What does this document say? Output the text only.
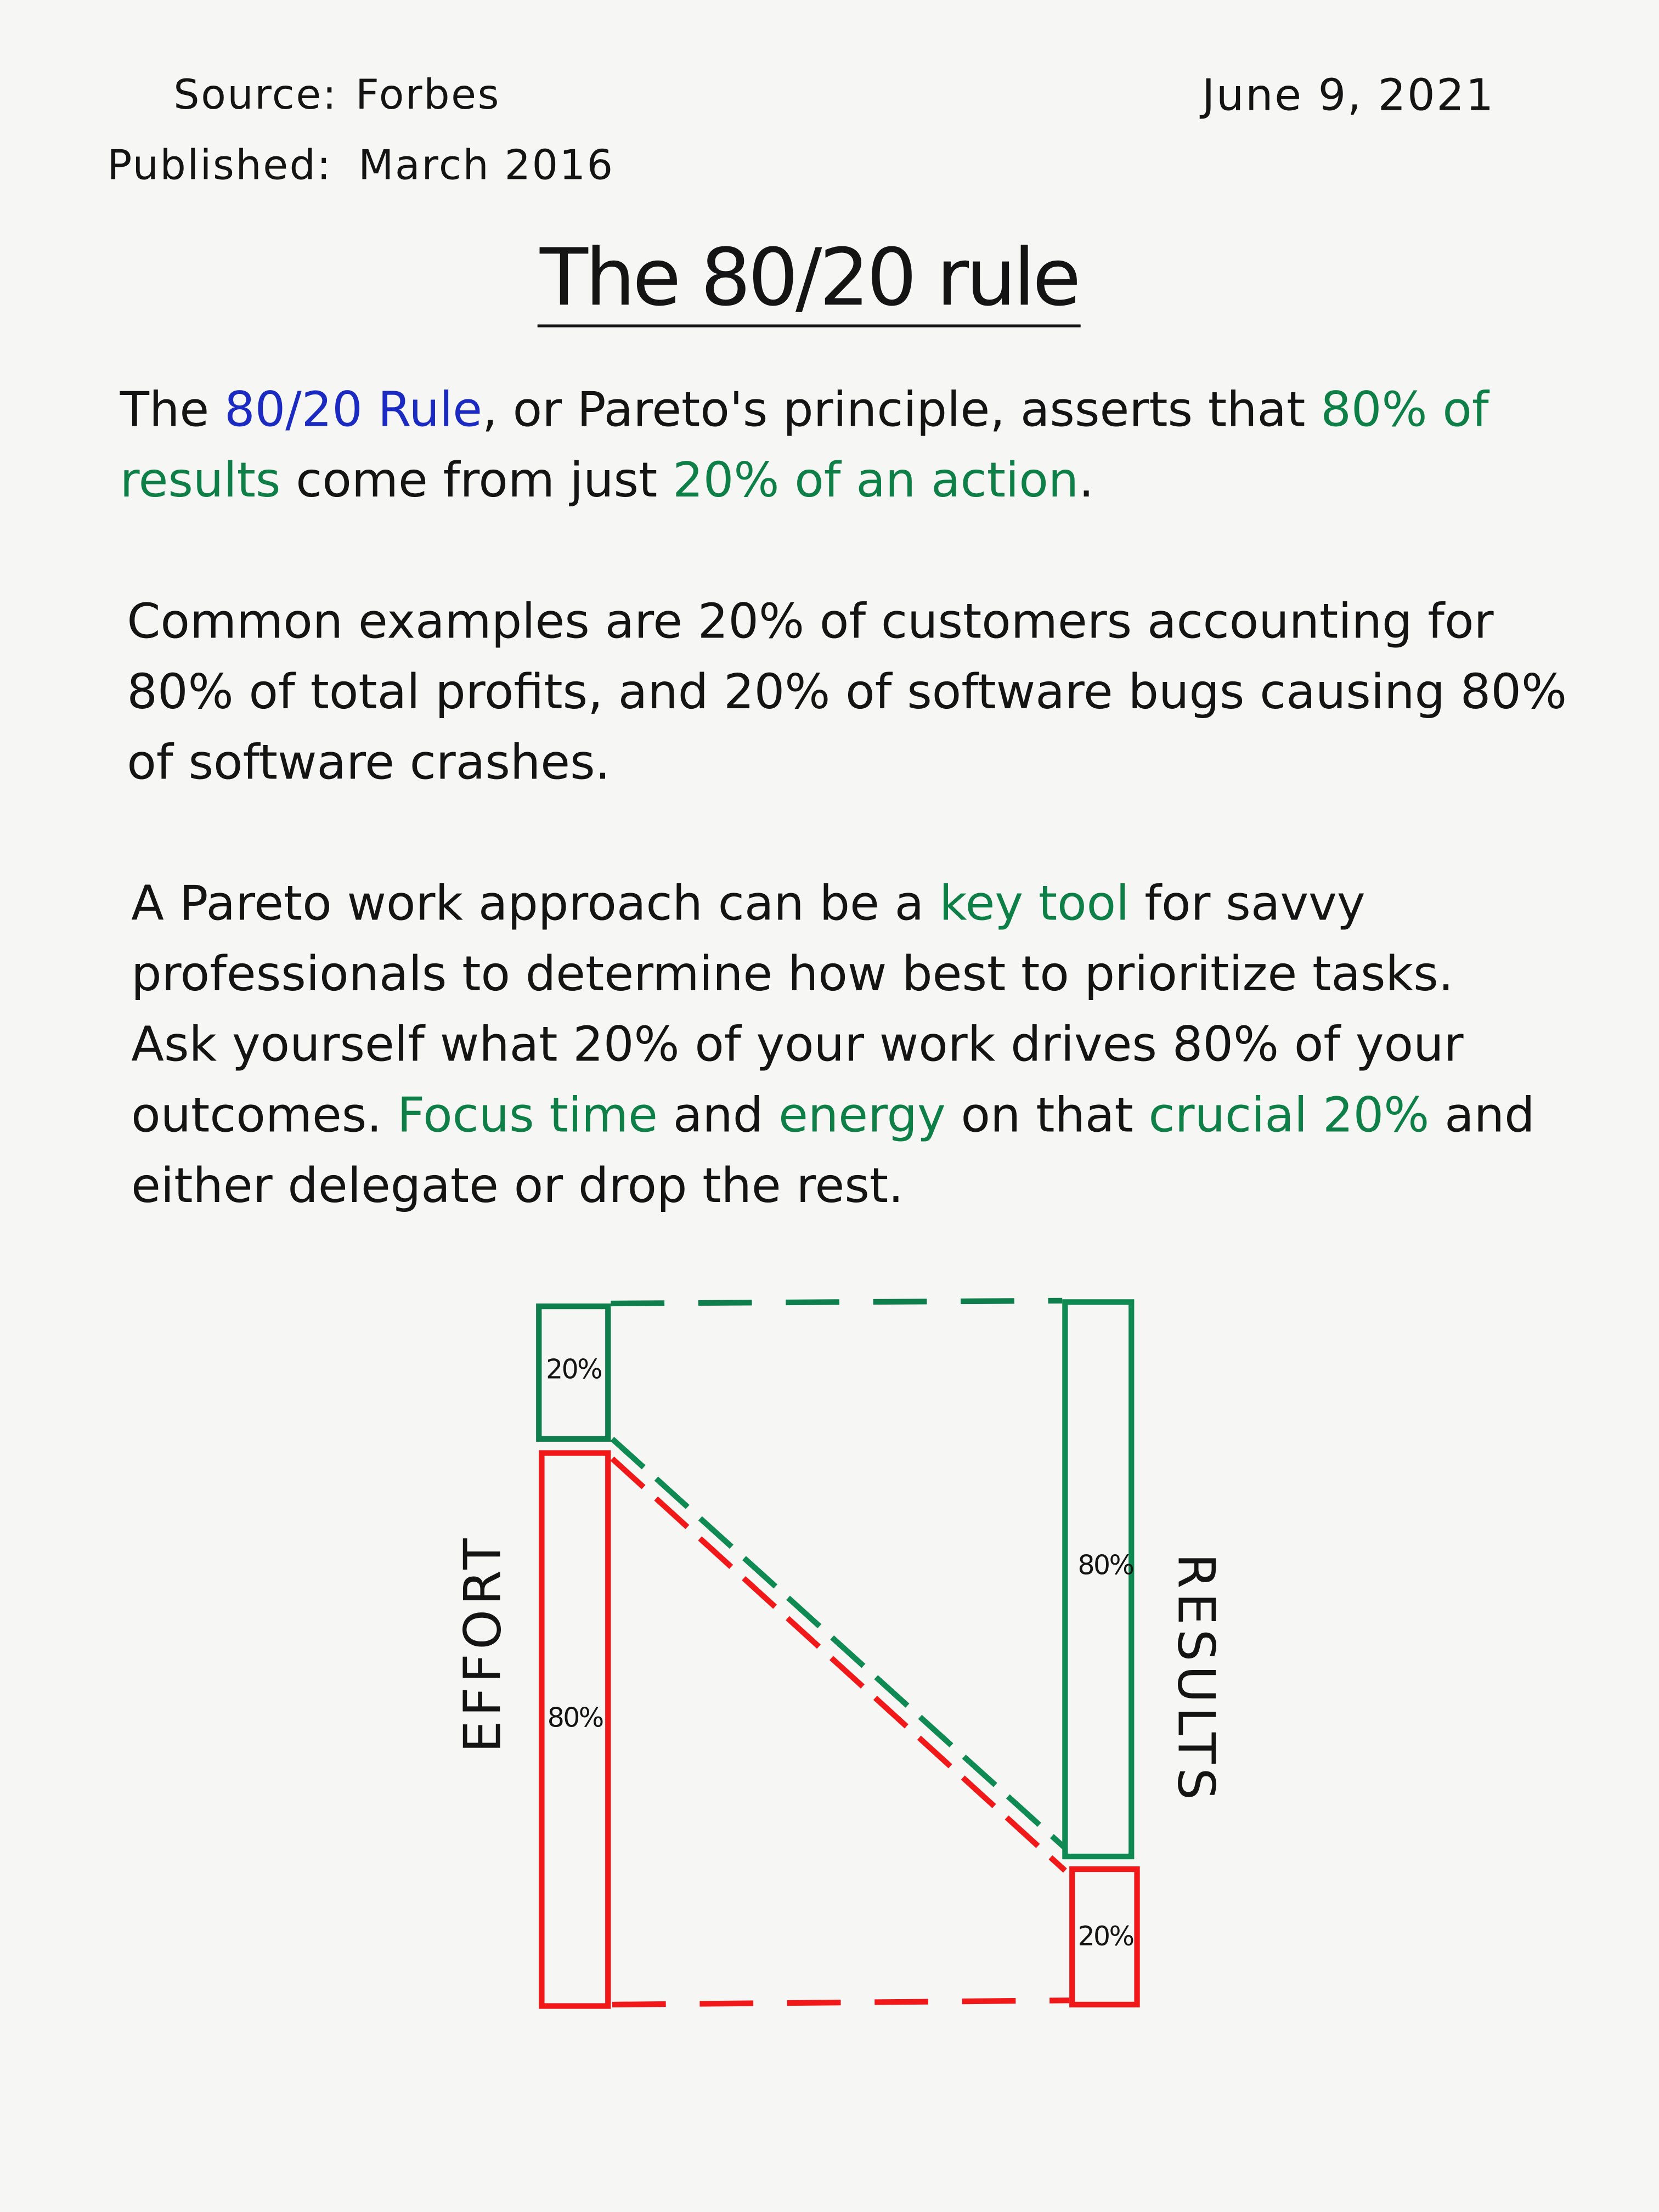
Source: Forbes
Published: March 2016
June 9, 2021
The 80/20 rule
The 80/20 Rule, or Pareto's principle, asserts that 80% of
results come from just 20% of an action.
Common examples are 20% of customers accounting for
80% of total profits, and 20% of software bugs causing 80%
of software crashes.
A Pareto work approach can be a key tool for savvy
professionals to determine how best to prioritize tasks.
Ask yourself what 20% of your work drives 80% of your
outcomes. Focus time and energy on that crucial 20% and
either delegate or drop the rest.
20%
80%
80%
20%
EFFORT	RESULTS
